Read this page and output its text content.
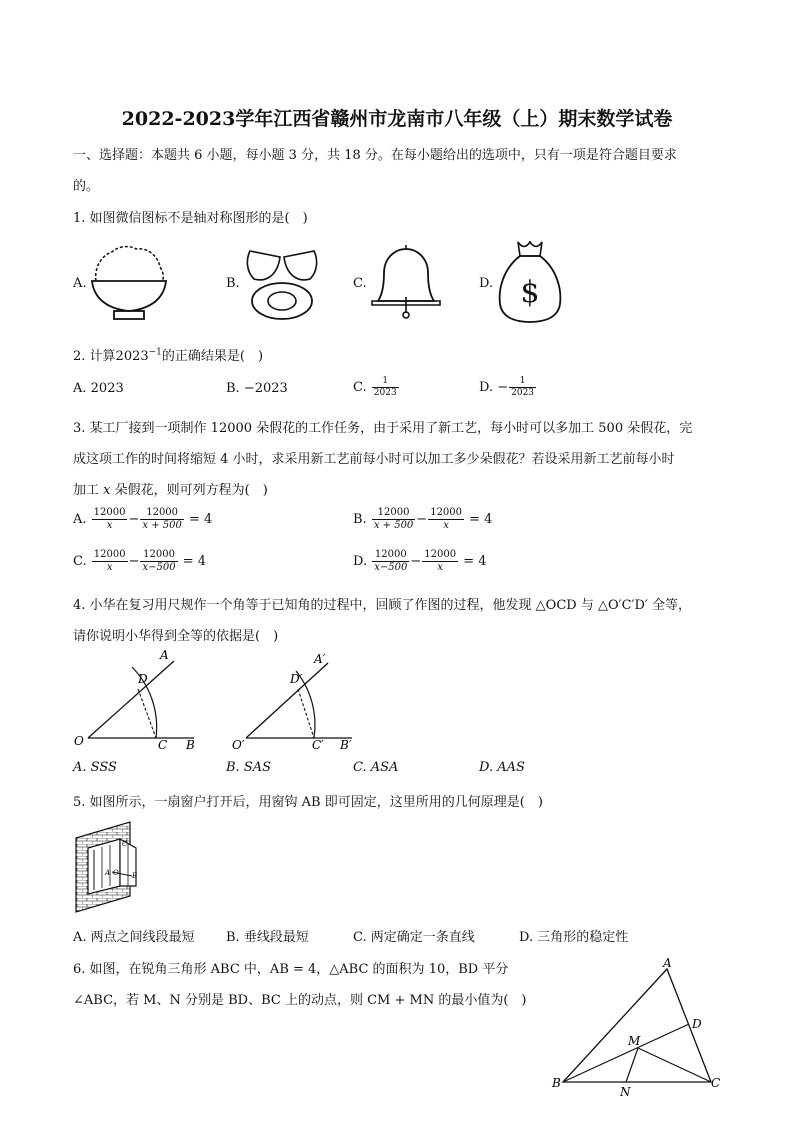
2022-2023学年江西省赣州市龙南市八年级（上）期末数学试卷
一、选择题：本题共 6 小题，每小题 3 分，共 18 分。在每小题给出的选项中，只有一项是符合题目要求
的。
1. 如图微信图标不是轴对称图形的是(　)
A.	B.	C.	D. $
2. 计算$2023^{-1}$的正确结果是(　)
A. 2023	B. −2023	C. $\frac{1}{2023}$	D. − $\frac{1}{2023}$
3. 某工厂接到一项制作 12000 朵假花的工作任务，由于采用了新工艺，每小时可以多加工 500 朵假花，完
成这项工作的时间将缩短 4 小时，求采用新工艺前每小时可以加工多少朵假花？若设采用新工艺前每小时
加工 x 朵假花，则可列方程为(　)
A. $\frac{12000}{x} - \frac{12000}{x + 500} = 4$	B. $\frac{12000}{x + 500} - \frac{12000}{x} = 4$
C. $\frac{12000}{x} - \frac{12000}{x-500} = 4$	D. $\frac{12000}{x-500} - \frac{12000}{x} = 4$
4. 小华在复习用尺规作一个角等于已知角的过程中，回顾了作图的过程，他发现 △OCD 与 △O′C′D′ 全等，
请你说明小华得到全等的依据是(　)
O	C B
A
D
O′	C′ B′
A′
D′
A. SSS	B. SAS	C. ASA	D. AAS
5. 如图所示，一扇窗户打开后，用窗钩 AB 即可固定，这里所用的几何原理是(　)
A O B
C
A. 两点之间线段最短 B. 垂线段最短	C. 两定确定一条直线	D. 三角形的稳定性
6. 如图，在锐角三角形 ABC 中，AB = 4，△ABC 的面积为 10，BD 平分
∠ABC，若 M、N 分别是 BD、BC 上的动点，则 CM + MN 的最小值为(　)
A
B	C
D
M
N
